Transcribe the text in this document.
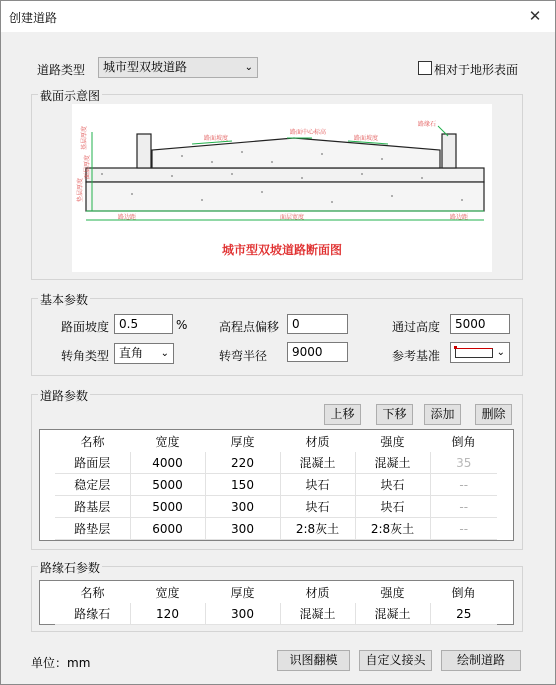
创建道路	✕
道路类型	城市型双坡道路	⌄	相对于地形表面
截面示意图
基层厚度
面层厚度
垫层厚度
路面坡度
路面中心标高
路面坡度
路缘石
路边距	面层宽度	路边距
城市型双坡道路断面图
基本参数
路面坡度 0.5	%	高程点偏移	0	通过高度	5000
转角类型 直角 ⌄	转弯半径	9000	参考基准	⌄
道路参数
上移	下移	添加	删除
名称	宽度	厚度	材质	强度	倒角
路面层	4000	220	混凝土	混凝土	35
稳定层	5000	150	块石	块石	--
路基层	5000	300	块石	块石	--
路垫层	6000	300	2:8灰土	2:8灰土	--
路缘石参数
名称	宽度	厚度	材质	强度	倒角
路缘石	120	300	混凝土	混凝土	25
单位：mm	识图翻模	自定义接头	绘制道路
